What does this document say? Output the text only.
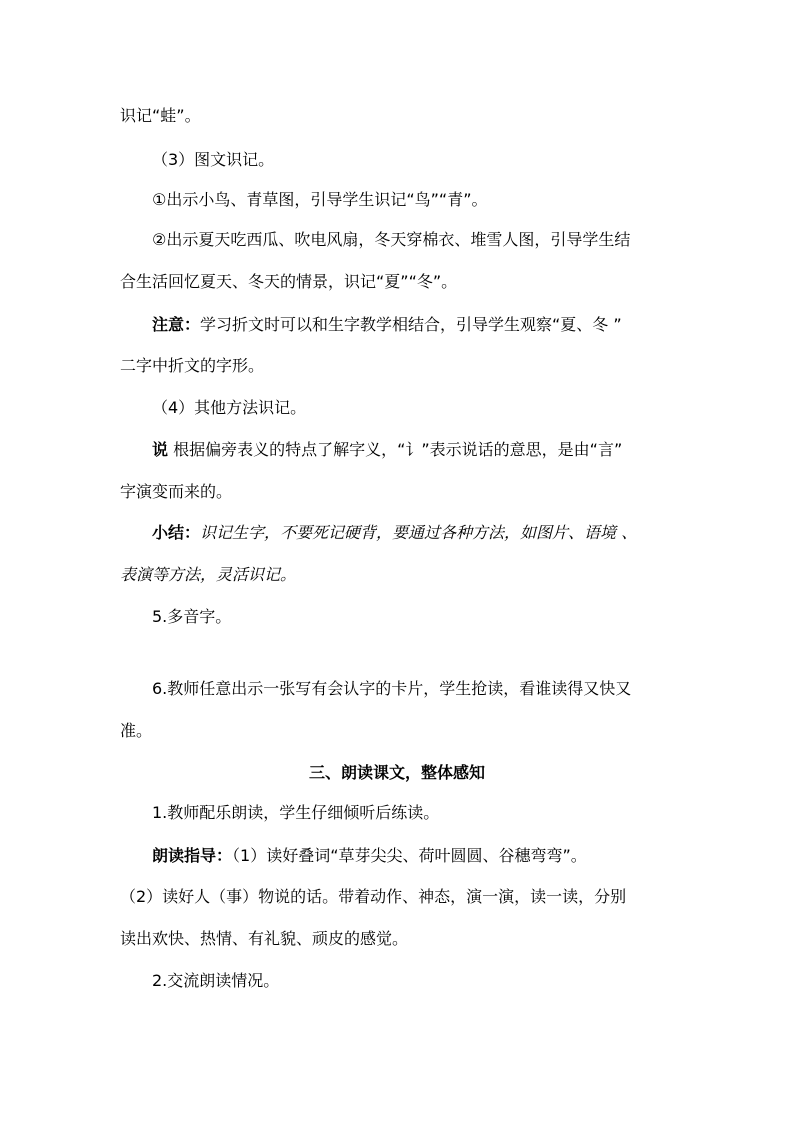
识记“蛙”。
（3）图文识记。
①出示小鸟、青草图，引导学生识记“鸟”“青”。
②出示夏天吃西瓜、吹电风扇，冬天穿棉衣、堆雪人图，引导学生结
合生活回忆夏天、冬天的情景，识记“夏”“冬”。
注意：学习折文时可以和生字教学相结合，引导学生观察“夏、冬 ”
二字中折文的字形。
（4）其他方法识记。
说 根据偏旁表义的特点了解字义，“讠”表示说话的意思，是由“言”
字演变而来的。
小结：识记生字，不要死记硬背，要通过各种方法，如图片、语境 、
表演等方法，灵活识记。
5.多音字。
6.教师任意出示一张写有会认字的卡片，学生抢读，看谁读得又快又
准。
三、朗读课文，整体感知
1.教师配乐朗读，学生仔细倾听后练读。
朗读指导：（1）读好叠词“草芽尖尖、荷叶圆圆、谷穗弯弯”。
（2）读好人（事）物说的话。带着动作、神态，演一演，读一读，分别
读出欢快、热情、有礼貌、顽皮的感觉。
2.交流朗读情况。
